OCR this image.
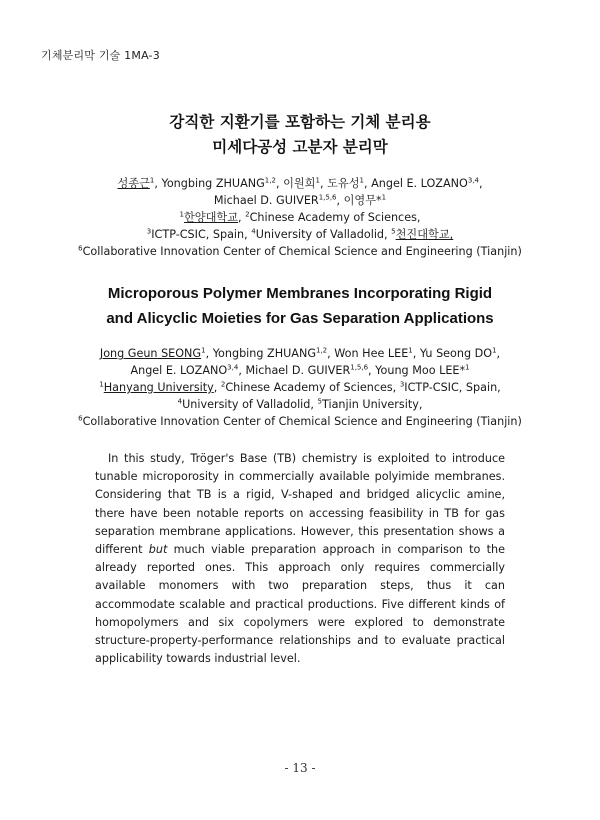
기체분리막 기술 1MA-3
강직한 지환기를 포함하는 기체 분리용
미세다공성 고분자 분리막
성종근$^1$, Yongbing ZHUANG$^{1,2}$, 이원희$^1$, 도유성$^1$, Angel E. LOZANO$^{3,4}$,
Michael D. GUIVER$^{1,5,6}$, 이영무*$^1$
$^1$한양대학교, $^2$Chinese Academy of Sciences,
$^3$ICTP-CSIC, Spain, $^4$University of Valladolid, $^5$천진대학교,
$^6$Collaborative Innovation Center of Chemical Science and Engineering (Tianjin)
Microporous Polymer Membranes Incorporating Rigid
and Alicyclic Moieties for Gas Separation Applications
Jong Geun SEONG$^1$, Yongbing ZHUANG$^{1,2}$, Won Hee LEE$^1$, Yu Seong $DO^1$,
Angel E. LOZANO$^{3,4}$, Michael D. GUIVER$^{1,5,6}$, Young Moo LEE*$^1$
$^1$Hanyang University, $^2$Chinese Academy of Sciences, $^3$ICTP-CSIC, Spain,
$^4$University of Valladolid, $^5$Tianjin University,
$^6$Collaborative Innovation Center of Chemical Science and Engineering (Tianjin)

In this study, Tröger's Base (TB) chemistry is exploited to introduce tunable microporosity in commercially available polyimide membranes. Considering that TB is a rigid, V-shaped and bridged alicyclic amine, there have been notable reports on accessing feasibility in TB for gas separation membrane applications. However, this presentation shows a different but much viable preparation approach in comparison to the already reported ones. This approach only requires commercially available monomers with two preparation steps, thus it can accommodate scalable and practical productions. Five different kinds of homopolymers and six copolymers were explored to demonstrate structure-property-performance relationships and to evaluate practical applicability towards industrial level.

- 13 -
